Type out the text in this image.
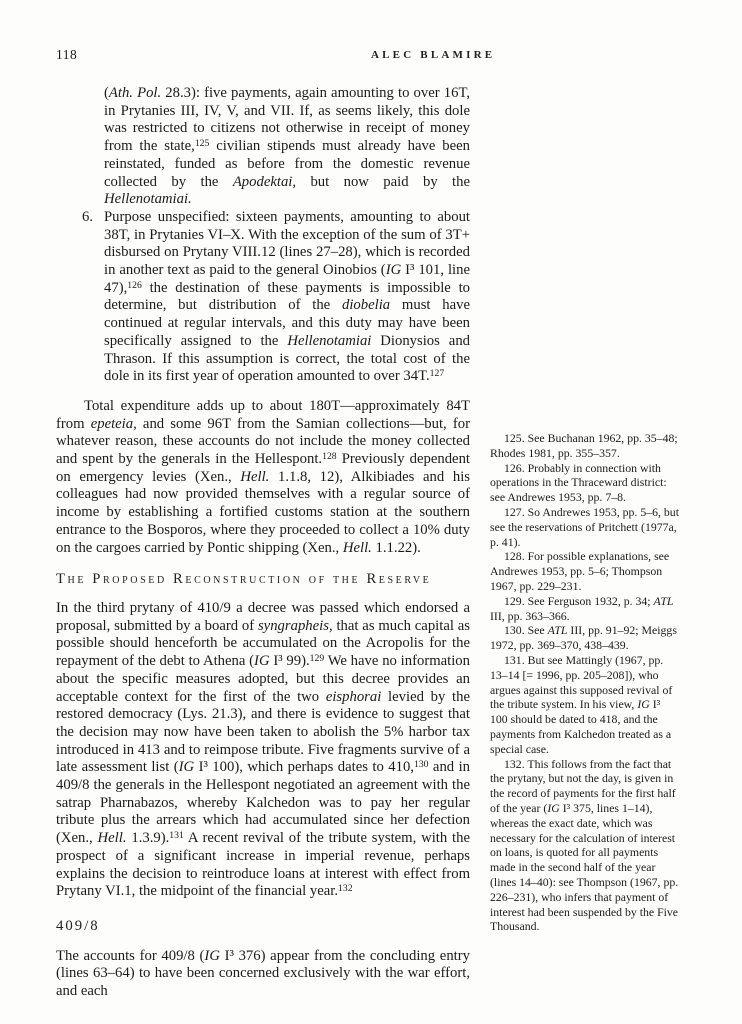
118	ALEC BLAMIRE
(Ath. Pol. 28.3): five payments, again amounting to over 16T, in Prytanies III, IV, V, and VII. If, as seems likely, this dole was restricted to citizens not otherwise in receipt of money from the state,$^{125}$ civilian stipends must already have been reinstated, funded as before from the domestic revenue collected by the Apodektai, but now paid by the Hellenotamiai.
6. Purpose unspecified: sixteen payments, amounting to about 38T, in Prytanies VI–X. With the exception of the sum of 3T+ disbursed on Prytany VIII.12 (lines 27–28), which is recorded in another text as paid to the general Oinobios (IG I³ 101, line 47),$^{126}$ the destination of these payments is impossible to determine, but distribution of the diobelia must have continued at regular intervals, and this duty may have been specifically assigned to the Hellenotamiai Dionysios and Thrason. If this assumption is correct, the total cost of the dole in its first year of operation amounted to over 34T.$^{127}$

Total expenditure adds up to about 180T—approximately 84T from epeteia, and some 96T from the Samian collections—but, for whatever reason, these accounts do not include the money collected and spent by the generals in the Hellespont.$^{128}$ Previously dependent on emergency levies (Xen., Hell. 1.1.8, 12), Alkibiades and his colleagues had now provided themselves with a regular source of income by establishing a fortified customs station at the southern entrance to the Bosporos, where they proceeded to collect a 10% duty on the cargoes carried by Pontic shipping (Xen., Hell. 1.1.22).

The Proposed Reconstruction of the Reserve

In the third prytany of 410/9 a decree was passed which endorsed a proposal, submitted by a board of syngrapheis, that as much capital as possible should henceforth be accumulated on the Acropolis for the repayment of the debt to Athena (IG I³ 99).$^{129}$ We have no information about the specific measures adopted, but this decree provides an acceptable context for the first of the two eisphorai levied by the restored democracy (Lys. 21.3), and there is evidence to suggest that the decision may now have been taken to abolish the 5% harbor tax introduced in 413 and to reimpose tribute. Five fragments survive of a late assessment list (IG I³ 100), which perhaps dates to 410,$^{130}$ and in 409/8 the generals in the Hellespont negotiated an agreement with the satrap Pharnabazos, whereby Kalchedon was to pay her regular tribute plus the arrears which had accumulated since her defection (Xen., Hell. 1.3.9).$^{131}$ A recent revival of the tribute system, with the prospect of a significant increase in imperial revenue, perhaps explains the decision to reintroduce loans at interest with effect from Prytany VI.1, the midpoint of the financial year.$^{132}$

409/8

The accounts for 409/8 (IG I³ 376) appear from the concluding entry (lines 63–64) to have been concerned exclusively with the war effort, and each

125. See Buchanan 1962, pp. 35–48; Rhodes 1981, pp. 355–357.

126. Probably in connection with operations in the Thraceward district: see Andrewes 1953, pp. 7–8.

127. So Andrewes 1953, pp. 5–6, but see the reservations of Pritchett (1977a, p. 41).

128. For possible explanations, see Andrewes 1953, pp. 5–6; Thompson 1967, pp. 229–231.

129. See Ferguson 1932, p. 34; ATL III, pp. 363–366.

130. See ATL III, pp. 91–92; Meiggs 1972, pp. 369–370, 438–439.

131. But see Mattingly (1967, pp. 13–14 [= 1996, pp. 205–208]), who argues against this supposed revival of the tribute system. In his view, IG I³ 100 should be dated to 418, and the payments from Kalchedon treated as a special case.

132. This follows from the fact that the prytany, but not the day, is given in the record of payments for the first half of the year (IG I³ 375, lines 1–14), whereas the exact date, which was necessary for the calculation of interest on loans, is quoted for all payments made in the second half of the year (lines 14–40): see Thompson (1967, pp. 226–231), who infers that payment of interest had been suspended by the Five Thousand.
